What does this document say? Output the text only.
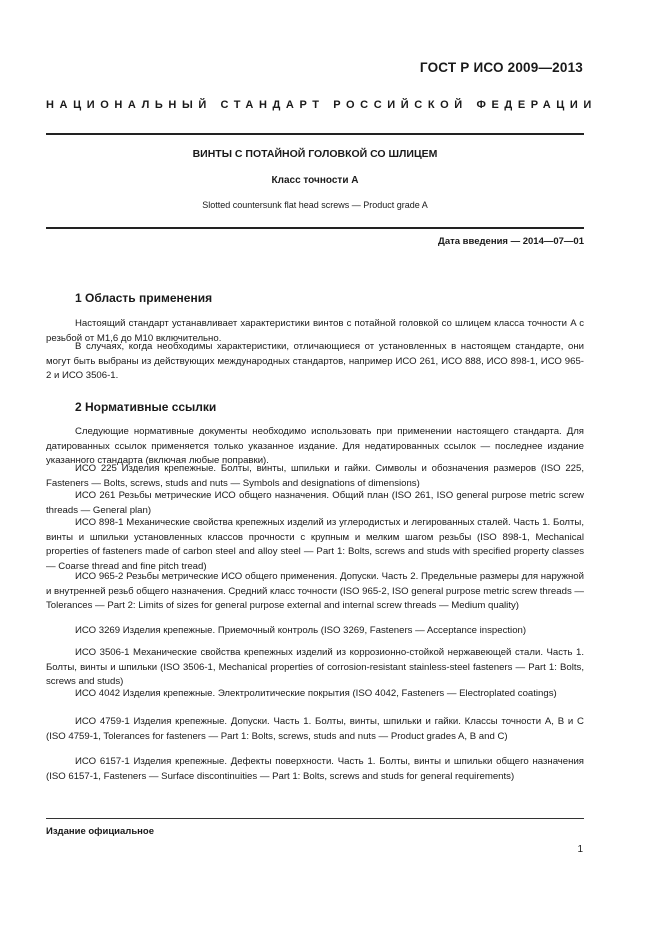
ГОСТ Р ИСО 2009—2013
НАЦИОНАЛЬНЫЙ СТАНДАРТ РОССИЙСКОЙ ФЕДЕРАЦИИ
ВИНТЫ С ПОТАЙНОЙ ГОЛОВКОЙ СО ШЛИЦЕМ
Класс точности A
Slotted countersunk flat head screws — Product grade A
Дата введения — 2014—07—01
1 Область применения

Настоящий стандарт устанавливает характеристики винтов с потайной головкой со шлицем класса точности A с резьбой от М1,6 до М10 включительно.

В случаях, когда необходимы характеристики, отличающиеся от установленных в настоящем стандарте, они могут быть выбраны из действующих международных стандартов, например ИСО 261, ИСО 888, ИСО 898-1, ИСО 965-2 и ИСО 3506-1.

2 Нормативные ссылки

Следующие нормативные документы необходимо использовать при применении настоящего стандарта. Для датированных ссылок применяется только указанное издание. Для недатированных ссылок — последнее издание указанного стандарта (включая любые поправки).

ИСО 225 Изделия крепежные. Болты, винты, шпильки и гайки. Символы и обозначения размеров (ISO 225, Fasteners — Bolts, screws, studs and nuts — Symbols and designations of dimensions)

ИСО 261 Резьбы метрические ИСО общего назначения. Общий план (ISO 261, ISO general purpose metric screw threads — General plan)

ИСО 898-1 Механические свойства крепежных изделий из углеродистых и легированных сталей. Часть 1. Болты, винты и шпильки установленных классов прочности с крупным и мелким шагом резьбы (ISO 898-1, Mechanical properties of fasteners made of carbon steel and alloy steel — Part 1: Bolts, screws and studs with specified property classes — Coarse thread and fine pitch tread)

ИСО 965-2 Резьбы метрические ИСО общего применения. Допуски. Часть 2. Предельные размеры для наружной и внутренней резьб общего назначения. Средний класс точности (ISO 965-2, ISO general purpose metric screw threads — Tolerances — Part 2: Limits of sizes for general purpose external and internal screw threads — Medium quality)

ИСО 3269 Изделия крепежные. Приемочный контроль (ISO 3269, Fasteners — Acceptance inspection)

ИСО 3506-1 Механические свойства крепежных изделий из коррозионно-стойкой нержавеющей стали. Часть 1. Болты, винты и шпильки (ISO 3506-1, Mechanical properties of corrosion-resistant stainless-steel fasteners — Part 1: Bolts, screws and studs)

ИСО 4042 Изделия крепежные. Электролитические покрытия (ISO 4042, Fasteners — Electroplated coatings)

ИСО 4759-1 Изделия крепежные. Допуски. Часть 1. Болты, винты, шпильки и гайки. Классы точности A, B и C (ISO 4759-1, Tolerances for fasteners — Part 1: Bolts, screws, studs and nuts — Product grades A, B and C)

ИСО 6157-1 Изделия крепежные. Дефекты поверхности. Часть 1. Болты, винты и шпильки общего назначения (ISO 6157-1, Fasteners — Surface discontinuities — Part 1: Bolts, screws and studs for general requirements)

Издание официальное
1
